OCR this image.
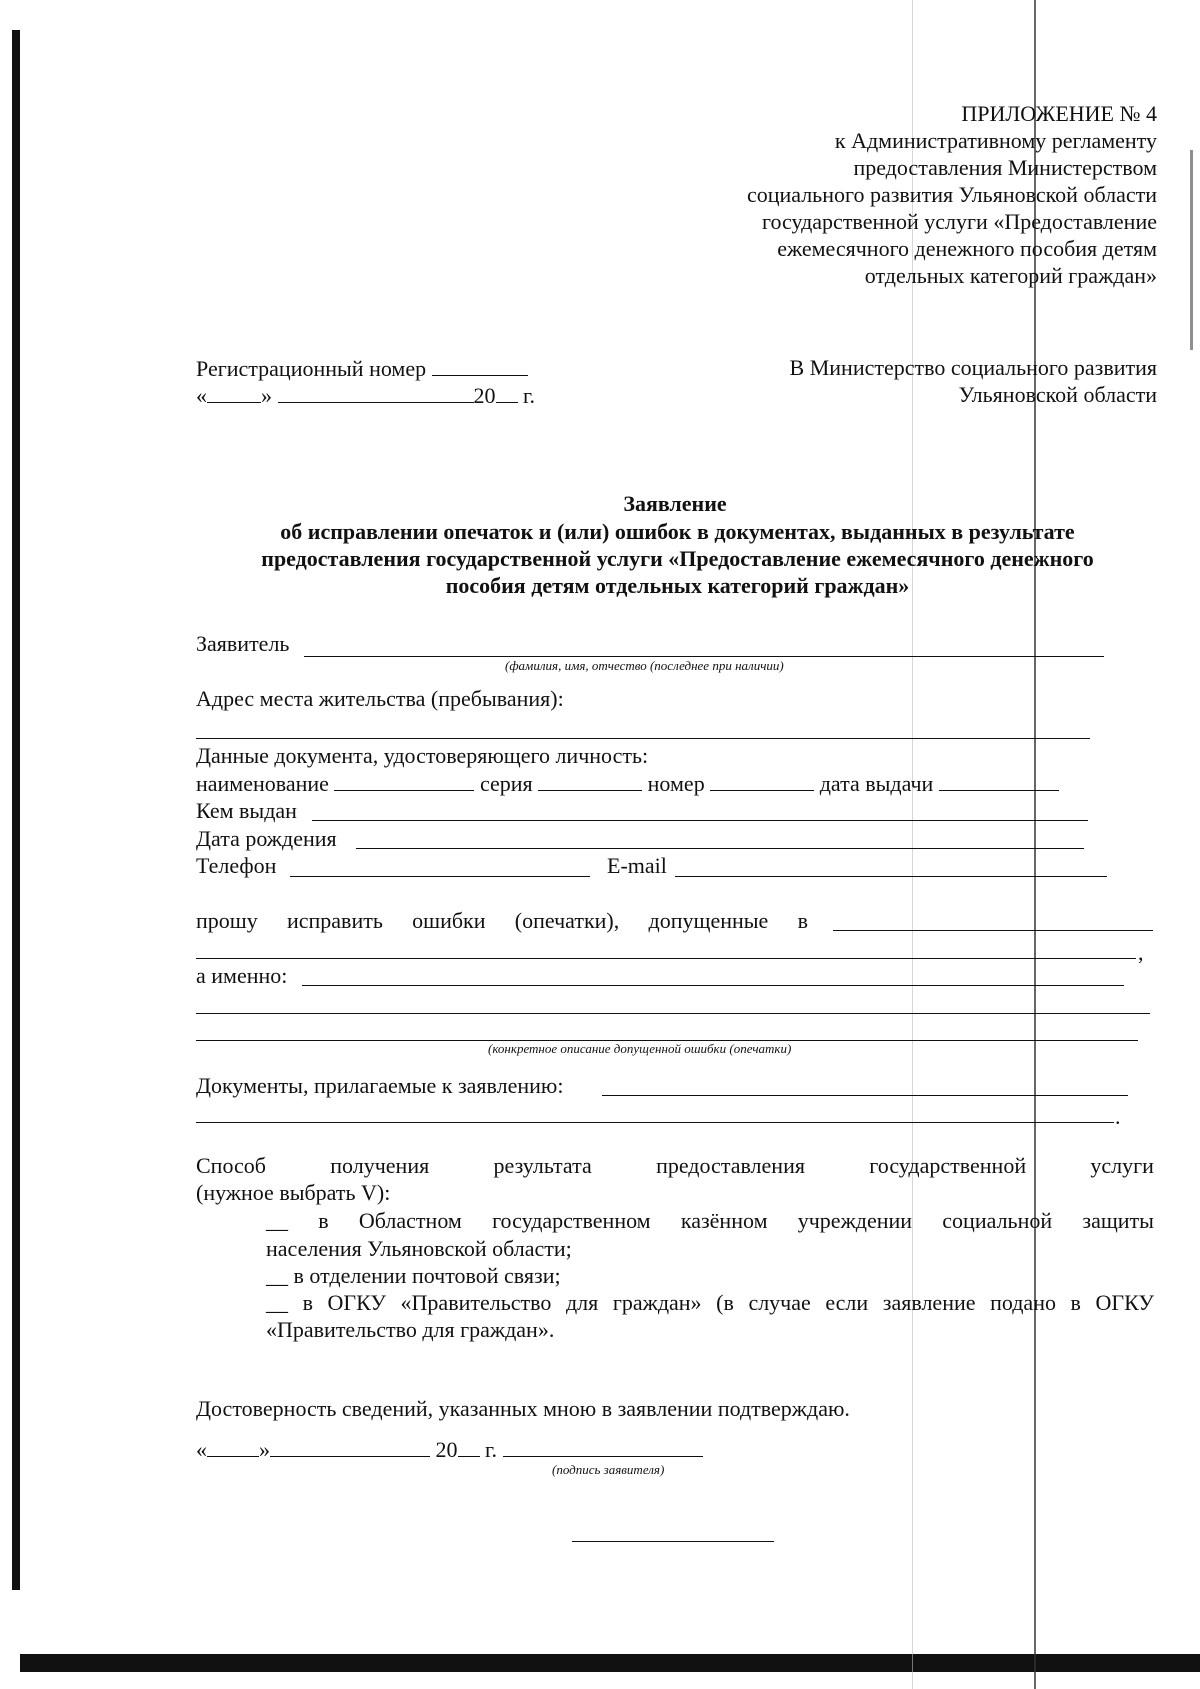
ПРИЛОЖЕНИЕ № 4
к Административному регламенту
предоставления Министерством
социального развития Ульяновской области
государственной услуги «Предоставление
ежемесячного денежного пособия детям
отдельных категорий граждан»
Регистрационный номер
« »	20 г.
В Министерство социального развития
Ульяновской области
Заявление
об исправлении опечаток и (или) ошибок в документах, выданных в результате
предоставления государственной услуги «Предоставление ежемесячного денежного
пособия детям отдельных категорий граждан»
Заявитель
(фамилия, имя, отчество (последнее при наличии)
Адрес места жительства (пребывания):
Данные документа, удостоверяющего личность:
наименование	серия	номер	дата выдачи
Кем выдан
Дата рождения
Телефон	E-mail
прошу исправить ошибки (опечатки), допущенные в
,
а именно:
(конкретное описание допущенной ошибки (опечатки)
Документы, прилагаемые к заявлению:
.
Способ	получения	результата	предоставления	государственной	услуги
(нужное выбрать V):
__ в Областном государственном казённом учреждении социальной защиты
населения Ульяновской области;
__ в отделении почтовой связи;
__ в ОГКУ «Правительство для граждан» (в случае если заявление подано в ОГКУ
«Правительство для граждан».
Достоверность сведений, указанных мною в заявлении подтверждаю.
« »	20 г.
(подпись заявителя)
